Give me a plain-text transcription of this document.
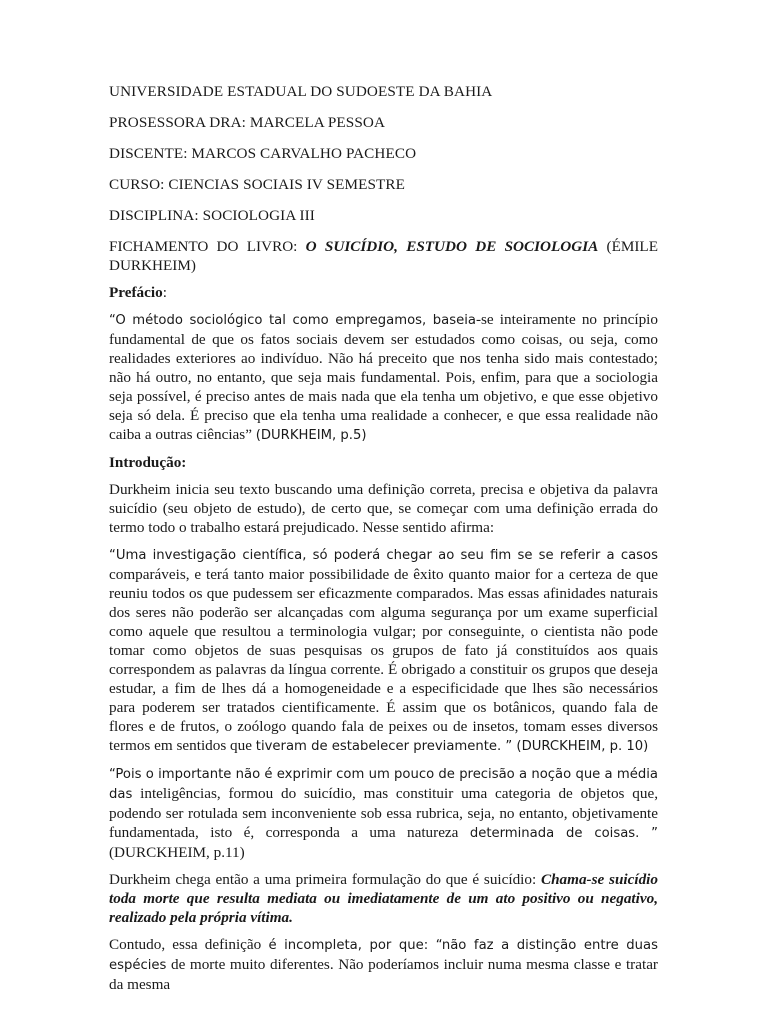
UNIVERSIDADE ESTADUAL DO SUDOESTE DA BAHIA

PROSESSORA DRA: MARCELA PESSOA

DISCENTE: MARCOS CARVALHO PACHECO

CURSO: CIENCIAS SOCIAIS IV SEMESTRE

DISCIPLINA: SOCIOLOGIA III

FICHAMENTO DO LIVRO: O SUICÍDIO, ESTUDO DE SOCIOLOGIA (ÉMILE DURKHEIM)

Prefácio:

“O método sociológico tal como empregamos, baseia-se inteiramente no princípio fundamental de que os fatos sociais devem ser estudados como coisas, ou seja, como realidades exteriores ao indivíduo. Não há preceito que nos tenha sido mais contestado; não há outro, no entanto, que seja mais fundamental. Pois, enfim, para que a sociologia seja possível, é preciso antes de mais nada que ela tenha um objetivo, e que esse objetivo seja só dela. É preciso que ela tenha uma realidade a conhecer, e que essa realidade não caiba a outras ciências” (DURKHEIM, p.5)

Introdução:

Durkheim inicia seu texto buscando uma definição correta, precisa e objetiva da palavra suicídio (seu objeto de estudo), de certo que, se começar com uma definição errada do termo todo o trabalho estará prejudicado. Nesse sentido afirma:

“Uma investigação científica, só poderá chegar ao seu fim se se referir a casos comparáveis, e terá tanto maior possibilidade de êxito quanto maior for a certeza de que reuniu todos os que pudessem ser eficazmente comparados. Mas essas afinidades naturais dos seres não poderão ser alcançadas com alguma segurança por um exame superficial como aquele que resultou a terminologia vulgar; por conseguinte, o cientista não pode tomar como objetos de suas pesquisas os grupos de fato já constituídos aos quais correspondem as palavras da língua corrente. É obrigado a constituir os grupos que deseja estudar, a fim de lhes dá a homogeneidade e a especificidade que lhes são necessários para poderem ser tratados cientificamente. É assim que os botânicos, quando fala de flores e de frutos, o zoólogo quando fala de peixes ou de insetos, tomam esses diversos termos em sentidos que tiveram de estabelecer previamente. ” (DURCKHEIM, p. 10)

“Pois o importante não é exprimir com um pouco de precisão a noção que a média das inteligências, formou do suicídio, mas constituir uma categoria de objetos que, podendo ser rotulada sem inconveniente sob essa rubrica, seja, no entanto, objetivamente fundamentada, isto é, corresponda a uma natureza determinada de coisas. ” (DURCKHEIM, p.11)

Durkheim chega então a uma primeira formulação do que é suicídio: Chama-se suicídio toda morte que resulta mediata ou imediatamente de um ato positivo ou negativo, realizado pela própria vítima.

Contudo, essa definição é incompleta, por que: “não faz a distinção entre duas espécies de morte muito diferentes. Não poderíamos incluir numa mesma classe e tratar da mesma
